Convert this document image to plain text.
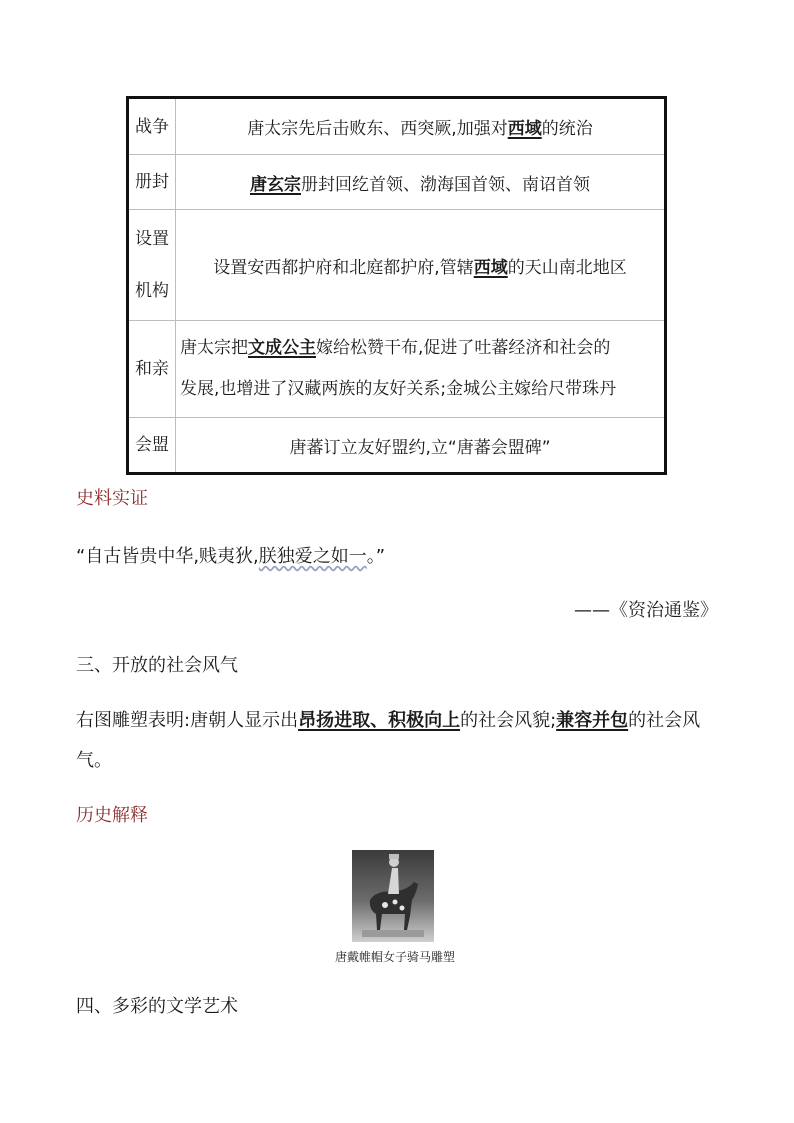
战争	唐太宗先后击败东、西突厥,加强对西域的统治
册封	唐玄宗册封回纥首领、渤海国首领、南诏首领

设置
机构	设置安西都护府和北庭都护府,管辖西域的天山南北地区
和亲	唐太宗把文成公主嫁给松赞干布,促进了吐蕃经济和社会的
发展,也增进了汉藏两族的友好关系;金城公主嫁给尺带珠丹

会盟	唐蕃订立友好盟约,立“唐蕃会盟碑”
史料实证
“自古皆贵中华,贱夷狄,朕独爱之如一。”
——《资治通鉴》
三、开放的社会风气
右图雕塑表明:唐朝人显示出昂扬进取、积极向上的社会风貌;兼容并包的社会风
气。
历史解释
唐戴帷帽女子骑马雕塑
四、多彩的文学艺术
